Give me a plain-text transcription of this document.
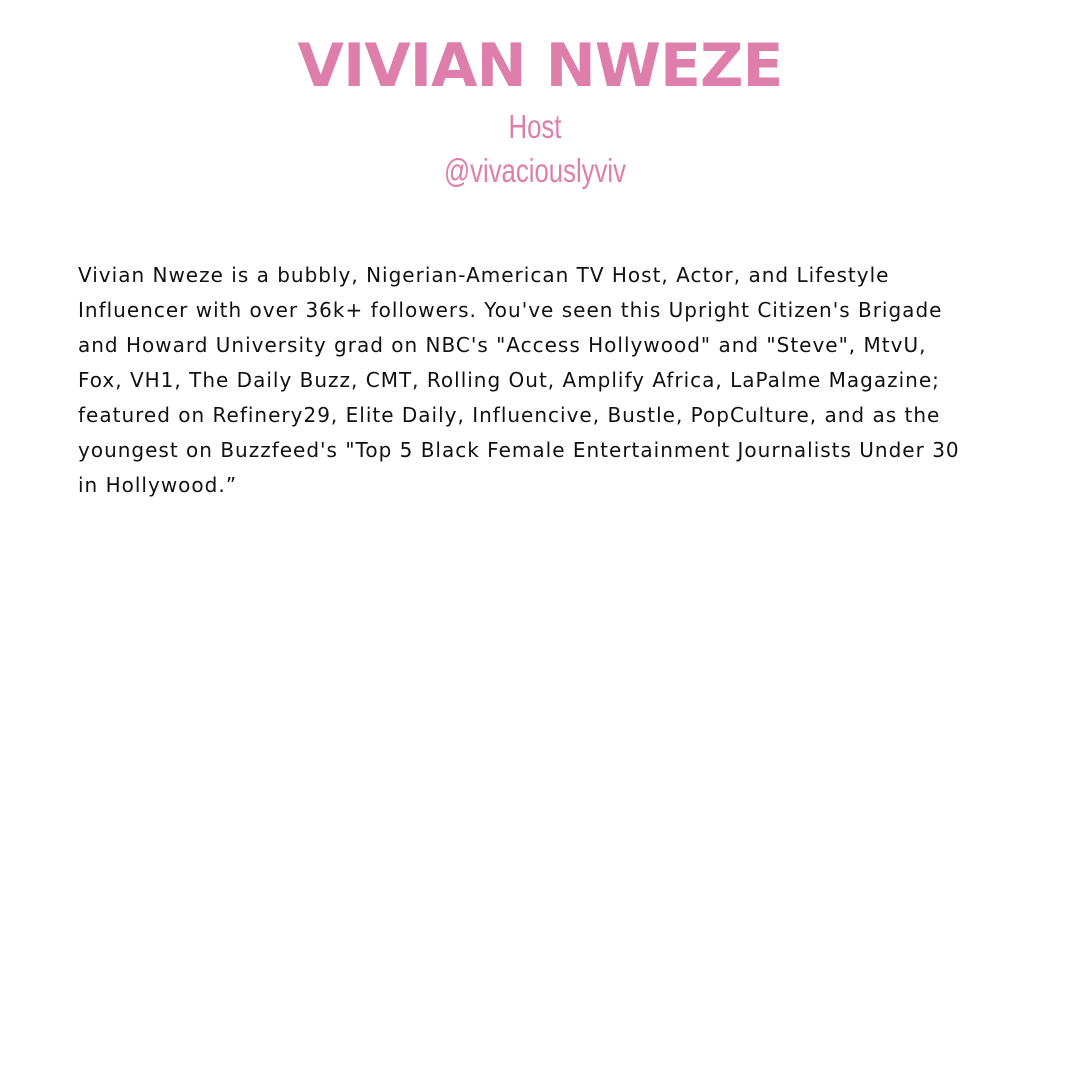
VIVIAN NWEZE
Host
@vivaciouslyviv

Vivian Nweze is a bubbly, Nigerian-American TV Host, Actor, and Lifestyle
Influencer with over 36k+ followers. You've seen this Upright Citizen's Brigade
and Howard University grad on NBC's "Access Hollywood" and "Steve", MtvU,
Fox, VH1, The Daily Buzz, CMT, Rolling Out, Amplify Africa, LaPalme Magazine;
featured on Refinery29, Elite Daily, Influencive, Bustle, PopCulture, and as the
youngest on Buzzfeed's "Top 5 Black Female Entertainment Journalists Under 30
in Hollywood.”
